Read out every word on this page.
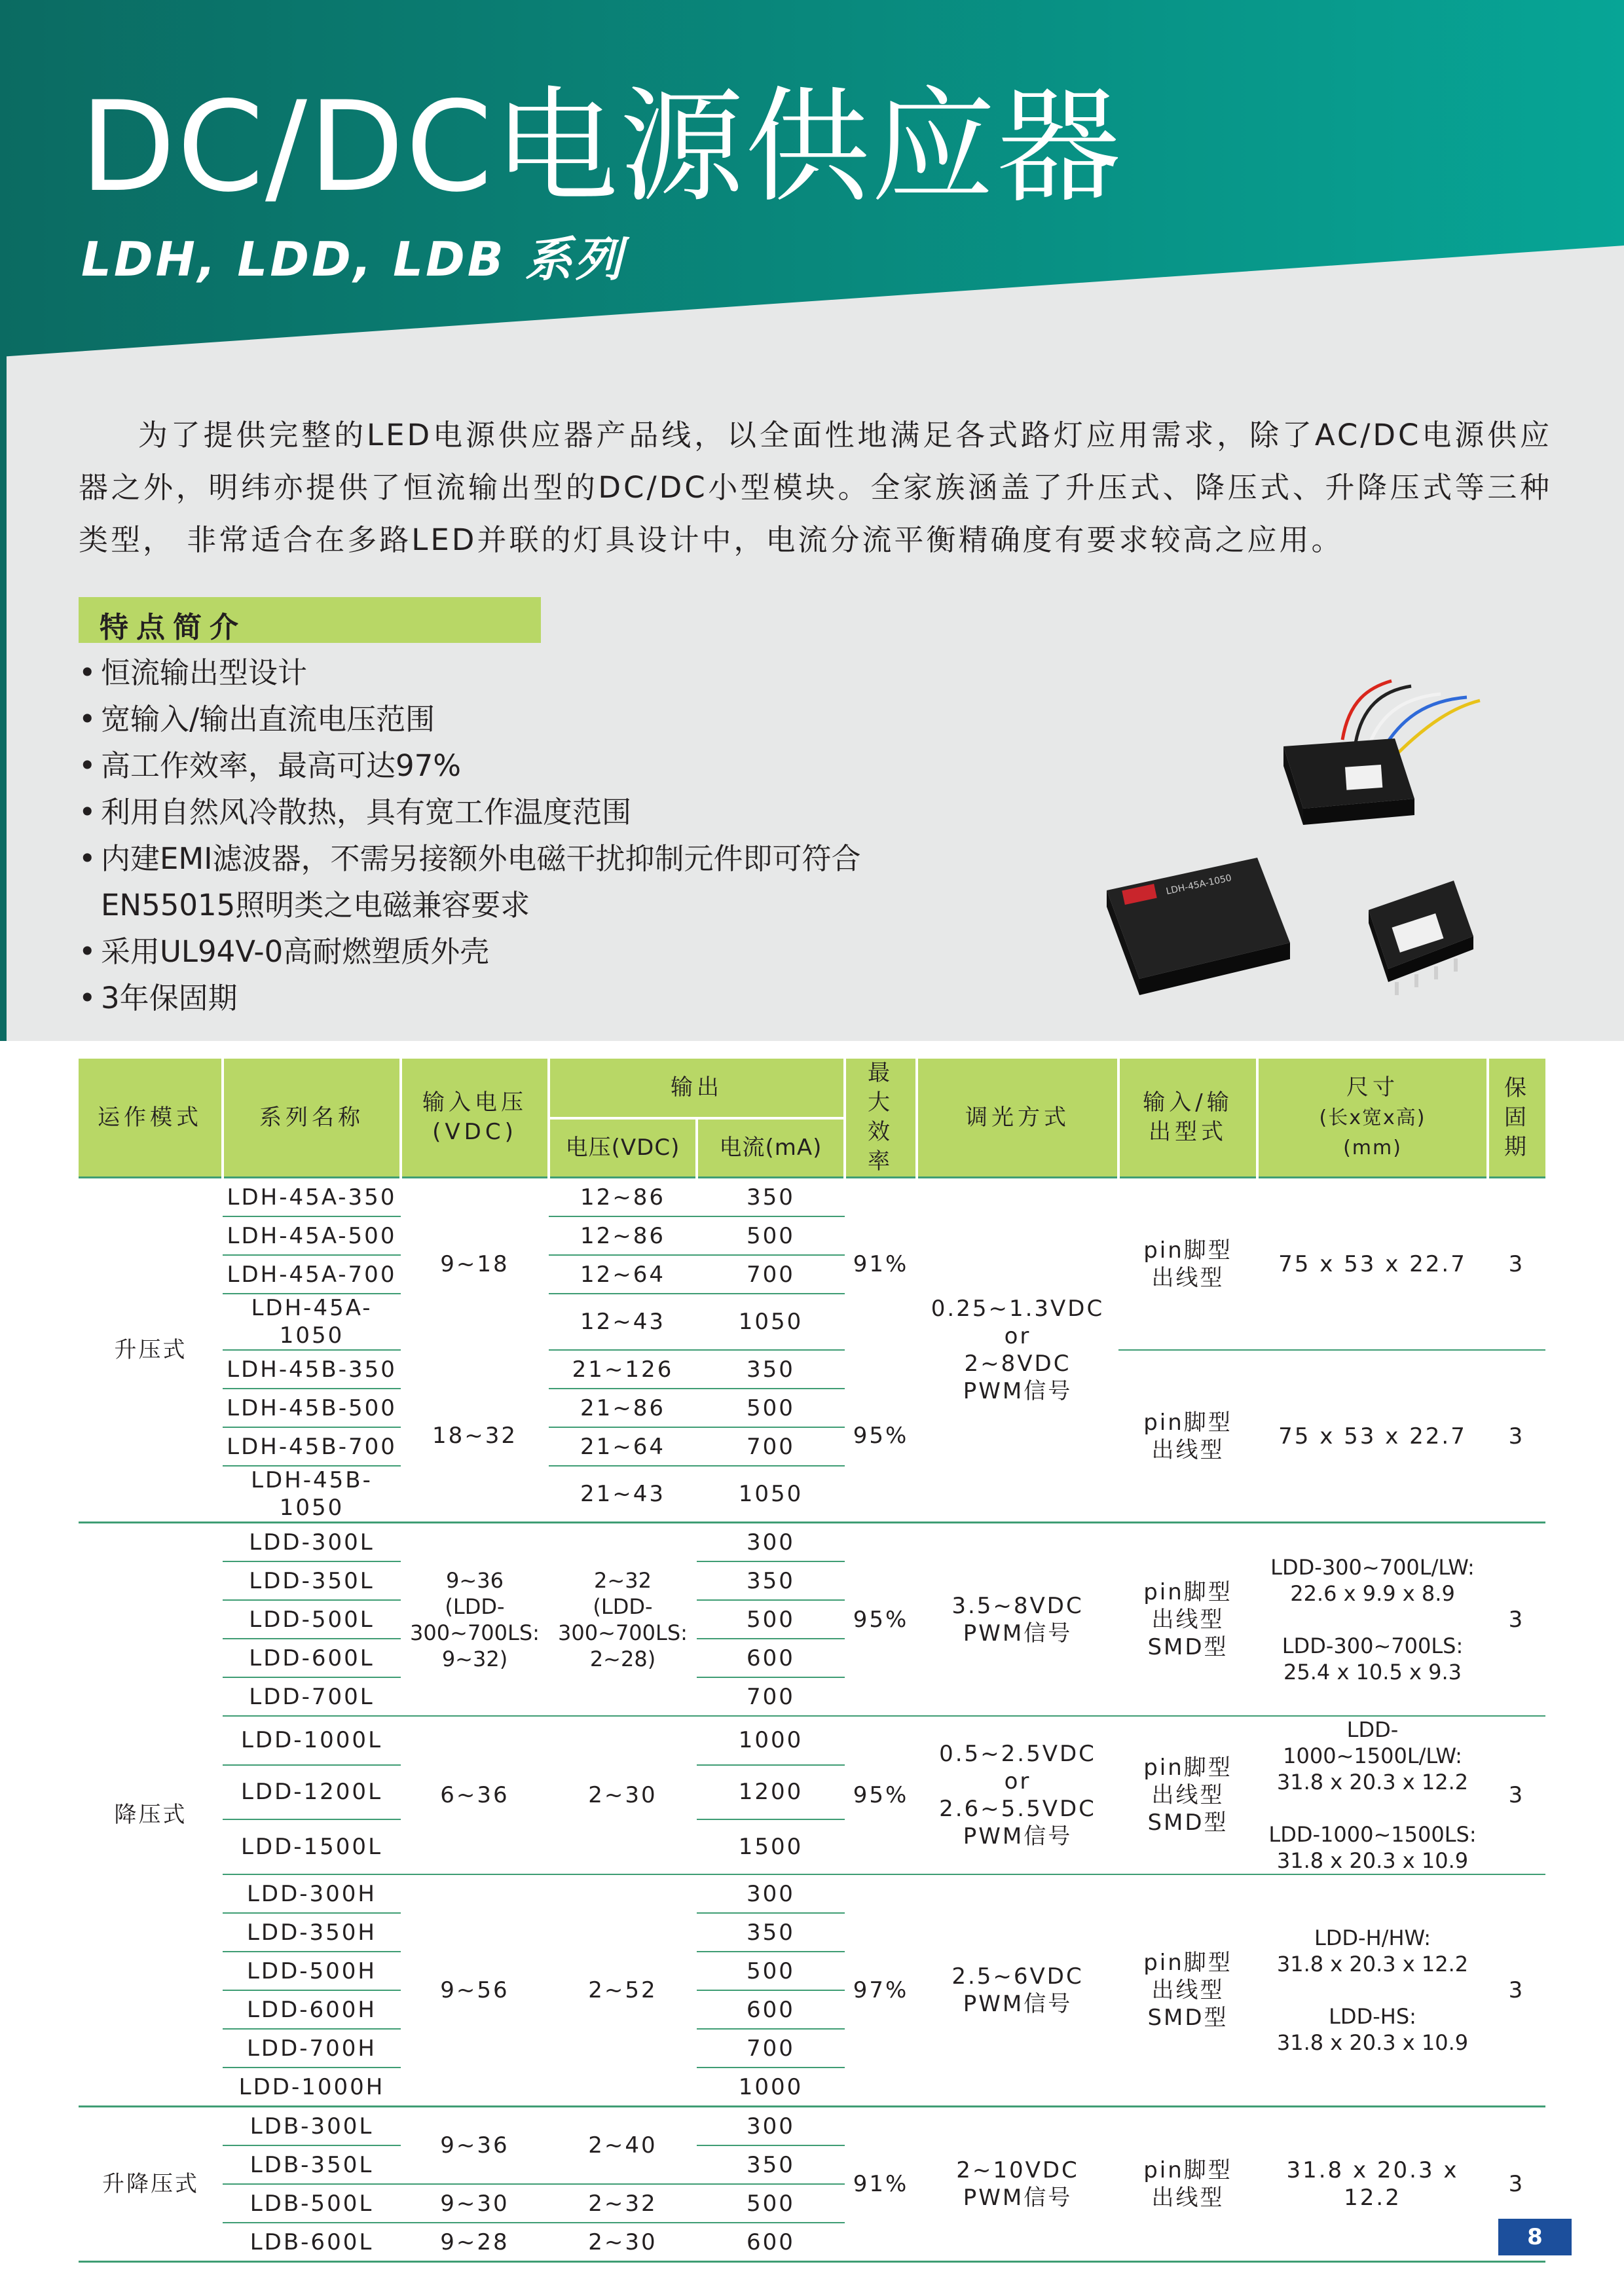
DC/DC电源供应器
LDH, LDD, LDB 系列
为了提供完整的LED电源供应器产品线，以全面性地满足各式路灯应用需求，除了AC/DC电源供应器之外，明纬亦提供了恒流输出型的DC/DC小型模块。全家族涵盖了升压式、降压式、升降压式等三种类型， 非常适合在多路LED并联的灯具设计中，电流分流平衡精确度有要求较高之应用。
特点简介
• 恒流输出型设计
• 宽输入/输出直流电压范围
• 高工作效率，最高可达97%
• 利用自然风冷散热，具有宽工作温度范围
• 内建EMI滤波器，不需另接额外电磁干扰抑制元件即可符合
EN55015照明类之电磁兼容要求
• 采用UL94V-0高耐燃塑质外壳
• 3年保固期
LDH-45A-1050
运作模式	系列名称	输入电压
(VDC)	输出		最大效率	调光方式	输入/输出型式	尺寸
(长x宽x高)
(mm)	保固期
			电压(VDC)	电流(mA)					
升压式	LDH-45A-350	9~18	12~86	350	91%	0.25~1.3VDC
or
2~8VDC
PWM信号	pin脚型
出线型	75 x 53 x 22.7	3
	LDH-45A-500		12~86	500					
	LDH-45A-700		12~64	700					
	LDH-45A-1050		12~43	1050					
	LDH-45B-350	18~32	21~126	350	95%		pin脚型
出线型	75 x 53 x 22.7	3
	LDH-45B-500		21~86	500					
	LDH-45B-700		21~64	700					
	LDH-45B-1050		21~43	1050					
降压式	LDD-300L	9~36
(LDD-
300~700LS:
9~32)	2~32
(LDD-
300~700LS:
2~28)	300	95%	3.5~8VDC
PWM信号	pin脚型
出线型
SMD型	LDD-300~700L/LW:
22.6 x 9.9 x 8.9

LDD-300~700LS:
25.4 x 10.5 x 9.3	3
	LDD-350L			350					
	LDD-500L			500					
	LDD-600L			600					
	LDD-700L			700					
	LDD-1000L	6~36	2~30	1000	95%	0.5~2.5VDC
or
2.6~5.5VDC
PWM信号	pin脚型
出线型
SMD型	LDD-1000~1500L/LW:
31.8 x 20.3 x 12.2

LDD-1000~1500LS:
31.8 x 20.3 x 10.9	3
	LDD-1200L			1200					
	LDD-1500L			1500					
	LDD-300H	9~56	2~52	300	97%	2.5~6VDC
PWM信号	pin脚型
出线型
SMD型	LDD-H/HW:
31.8 x 20.3 x 12.2

LDD-HS:
31.8 x 20.3 x 10.9	3
	LDD-350H			350					
	LDD-500H			500					
	LDD-600H			600					
	LDD-700H			700					
	LDD-1000H			1000					
升降压式	LDB-300L	9~36	2~40	300	91%	2~10VDC
PWM信号	pin脚型
出线型	31.8 x 20.3 x 12.2	3
	LDB-350L			350					
	LDB-500L	9~30	2~32	500					
	LDB-600L	9~28	2~30	600						8
